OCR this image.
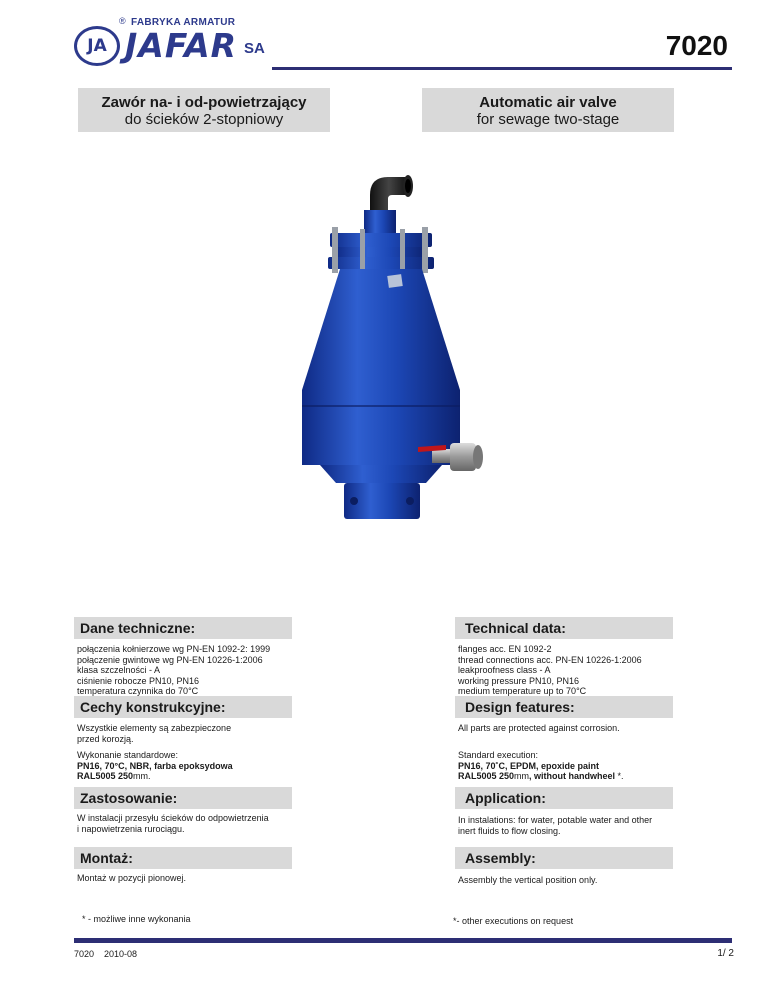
JA
® FABRYKA ARMATUR
JAFAR SA	7020
Zawór na- i od-powietrzający
do ścieków 2-stopniowy
Automatic air valve
for sewage two-stage
Dane techniczne:	Technical data:
połączenia kołnierzowe wg PN-EN 1092-2: 1999
połączenie gwintowe wg PN-EN 10226-1:2006
klasa szczelności - A
ciśnienie robocze PN10, PN16
temperatura czynnika do 70°C
flanges acc. EN 1092-2
thread connections acc. PN-EN 10226-1:2006
leakproofness class - A
working pressure PN10, PN16
medium temperature up to 70°C
Cechy konstrukcyjne:	Design features:
Wszystkie elementy są zabezpieczone
przed korozją.
All parts are protected against corrosion.
Wykonanie standardowe:
PN16, 70°C, NBR, farba epoksydowa
RAL5005 250mm.
Standard execution:
PN16, 70˚C, EPDM, epoxide paint
RAL5005 250mm, without handwheel *.
Zastosowanie:	Application:
W instalacji przesyłu ścieków do odpowietrzenia
i napowietrzenia rurociągu.
In instalations: for water, potable water and other
inert fluids to flow closing.
Montaż:	Assembly:
Montaż w pozycji pionowej.	Assembly the vertical position only.
* - możliwe inne wykonania	*- other executions on request
7020 2010-08	1/ 2
